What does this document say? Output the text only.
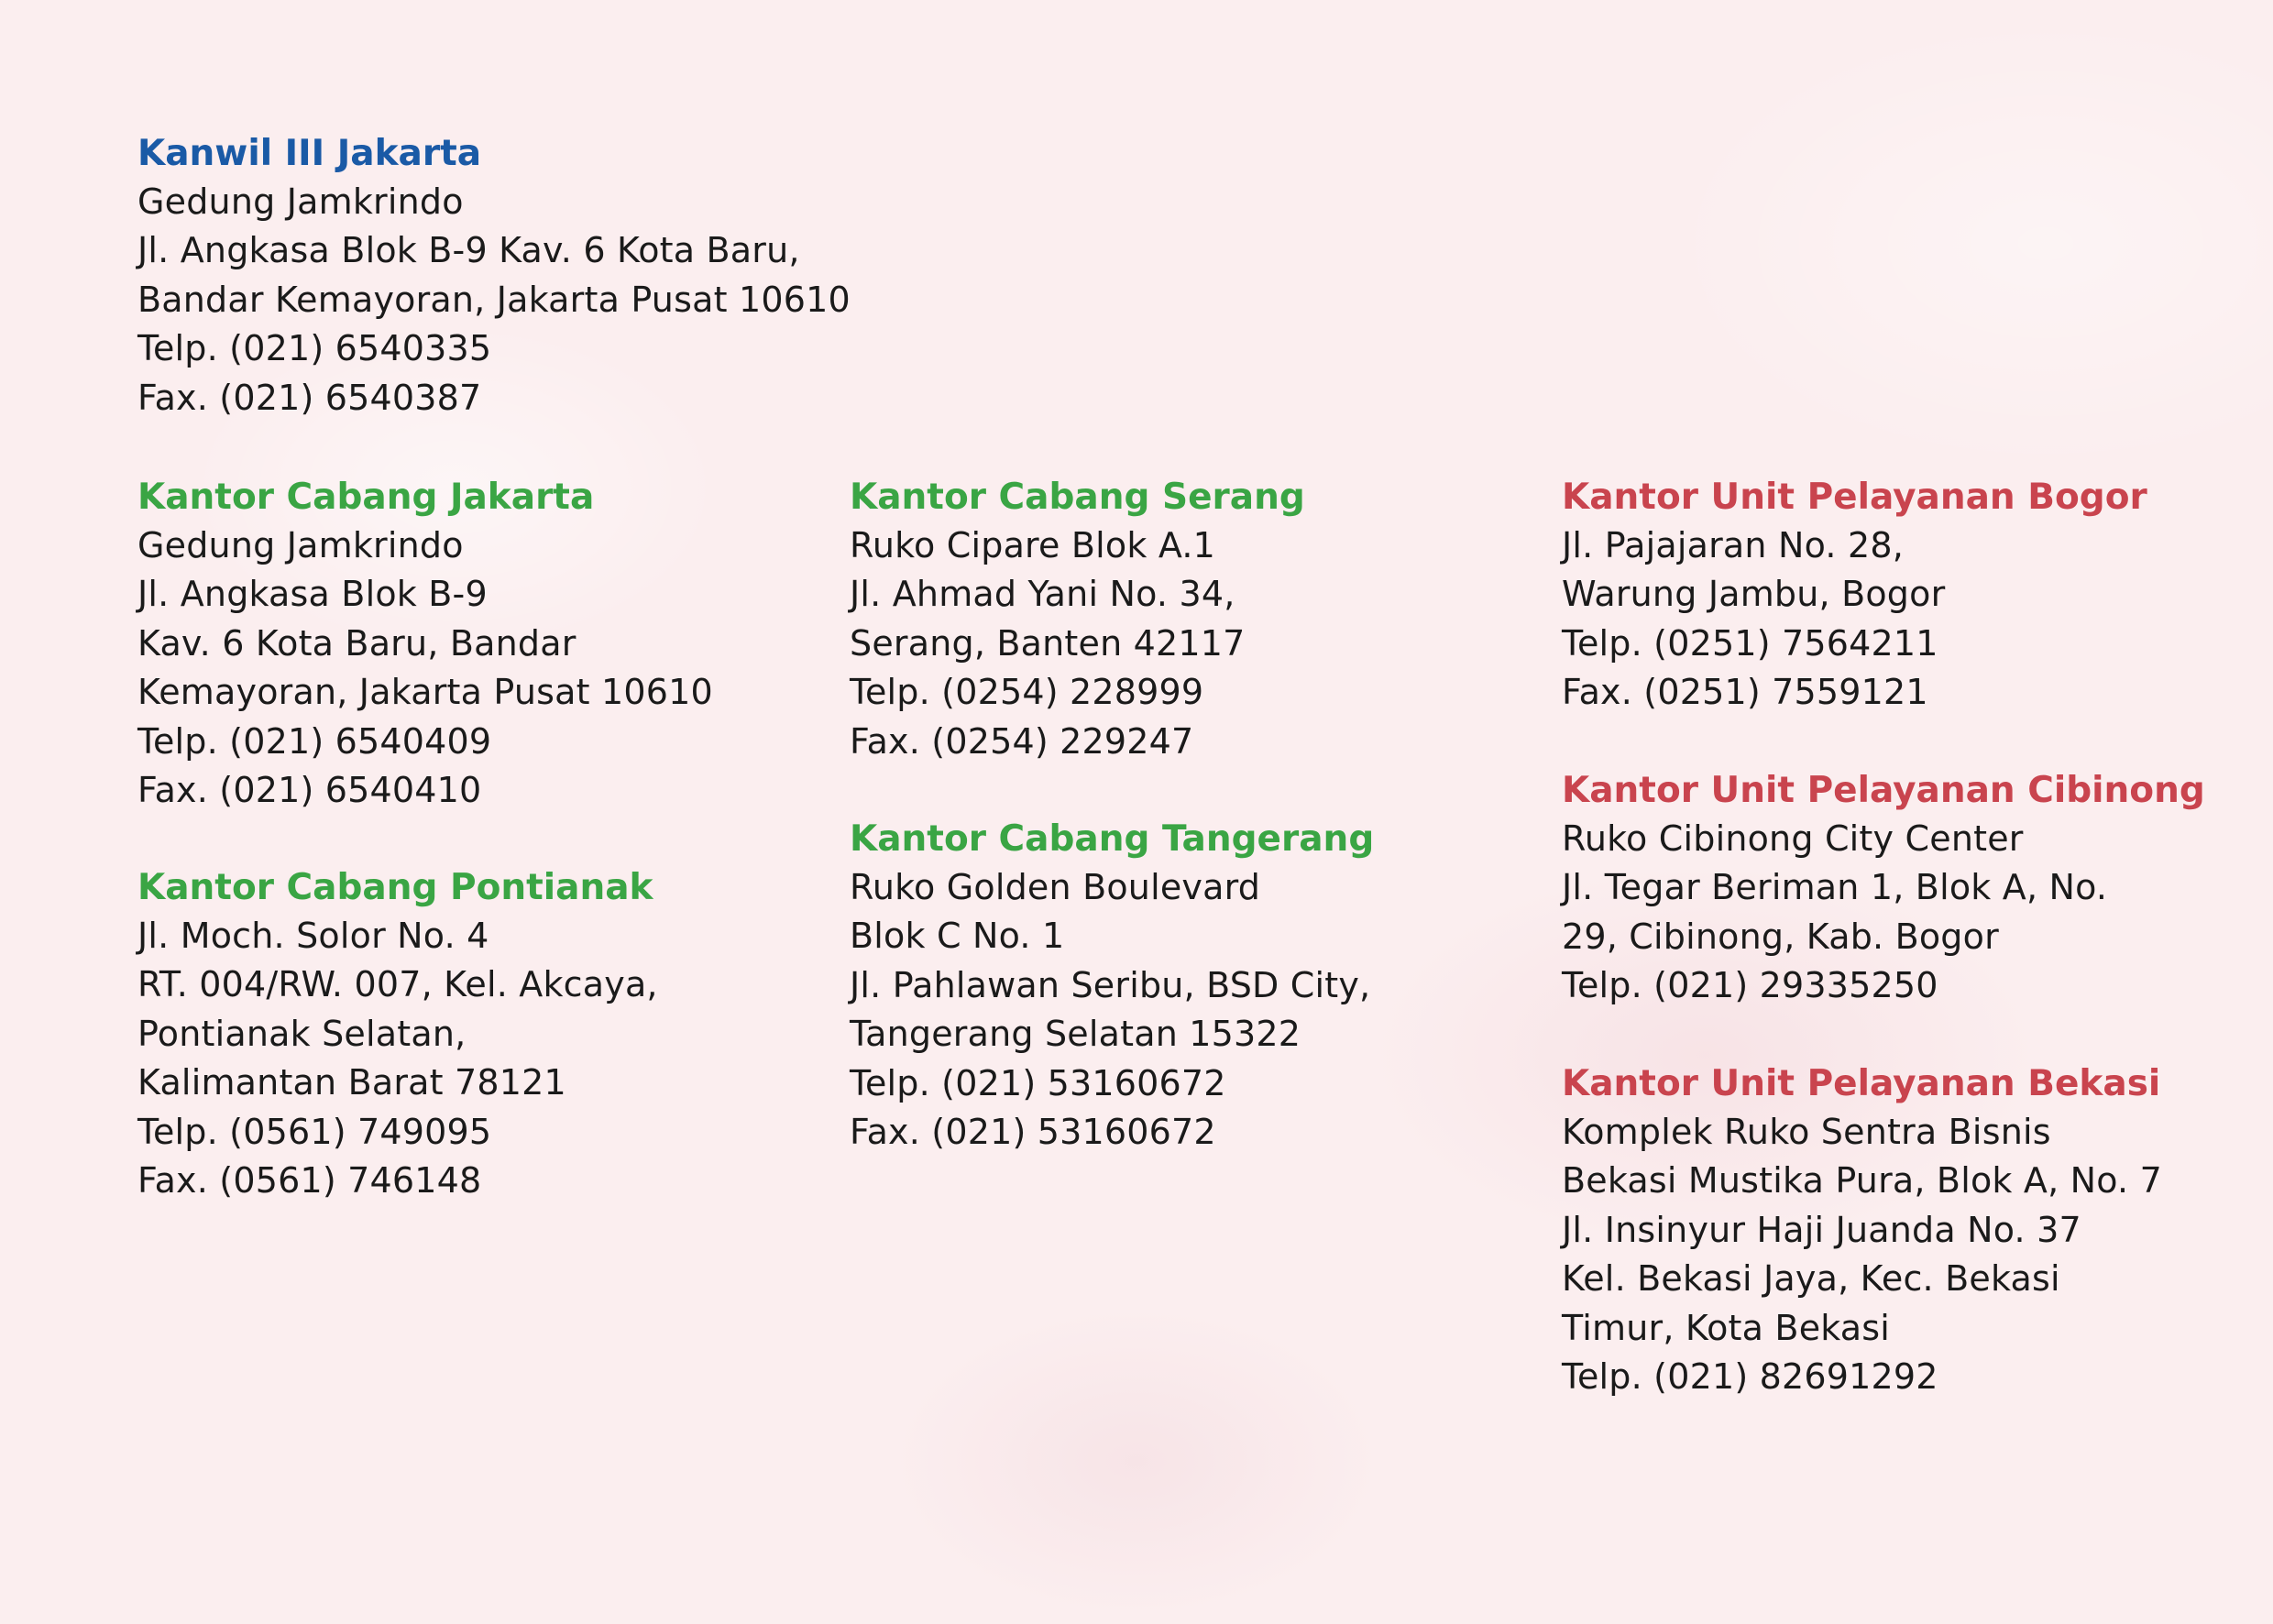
Kanwil III Jakarta
Gedung Jamkrindo
Jl. Angkasa Blok B-9 Kav. 6 Kota Baru,
Bandar Kemayoran, Jakarta Pusat 10610
Telp. (021) 6540335
Fax. (021) 6540387
Kantor Cabang Jakarta
Gedung Jamkrindo
Jl. Angkasa Blok B-9
Kav. 6 Kota Baru, Bandar
Kemayoran, Jakarta Pusat 10610
Telp. (021) 6540409
Fax. (021) 6540410
Kantor Cabang Pontianak
Jl. Moch. Solor No. 4
RT. 004/RW. 007, Kel. Akcaya,
Pontianak Selatan,
Kalimantan Barat 78121
Telp. (0561) 749095
Fax. (0561) 746148
Kantor Cabang Serang
Ruko Cipare Blok A.1
Jl. Ahmad Yani No. 34,
Serang, Banten 42117
Telp. (0254) 228999
Fax. (0254) 229247
Kantor Cabang Tangerang
Ruko Golden Boulevard
Blok C No. 1
Jl. Pahlawan Seribu, BSD City,
Tangerang Selatan 15322
Telp. (021) 53160672
Fax. (021) 53160672
Kantor Unit Pelayanan Bogor
Jl. Pajajaran No. 28,
Warung Jambu, Bogor
Telp. (0251) 7564211
Fax. (0251) 7559121
Kantor Unit Pelayanan Cibinong
Ruko Cibinong City Center
Jl. Tegar Beriman 1, Blok A, No.
29, Cibinong, Kab. Bogor
Telp. (021) 29335250
Kantor Unit Pelayanan Bekasi
Komplek Ruko Sentra Bisnis
Bekasi Mustika Pura, Blok A, No. 7
Jl. Insinyur Haji Juanda No. 37
Kel. Bekasi Jaya, Kec. Bekasi
Timur, Kota Bekasi
Telp. (021) 82691292
